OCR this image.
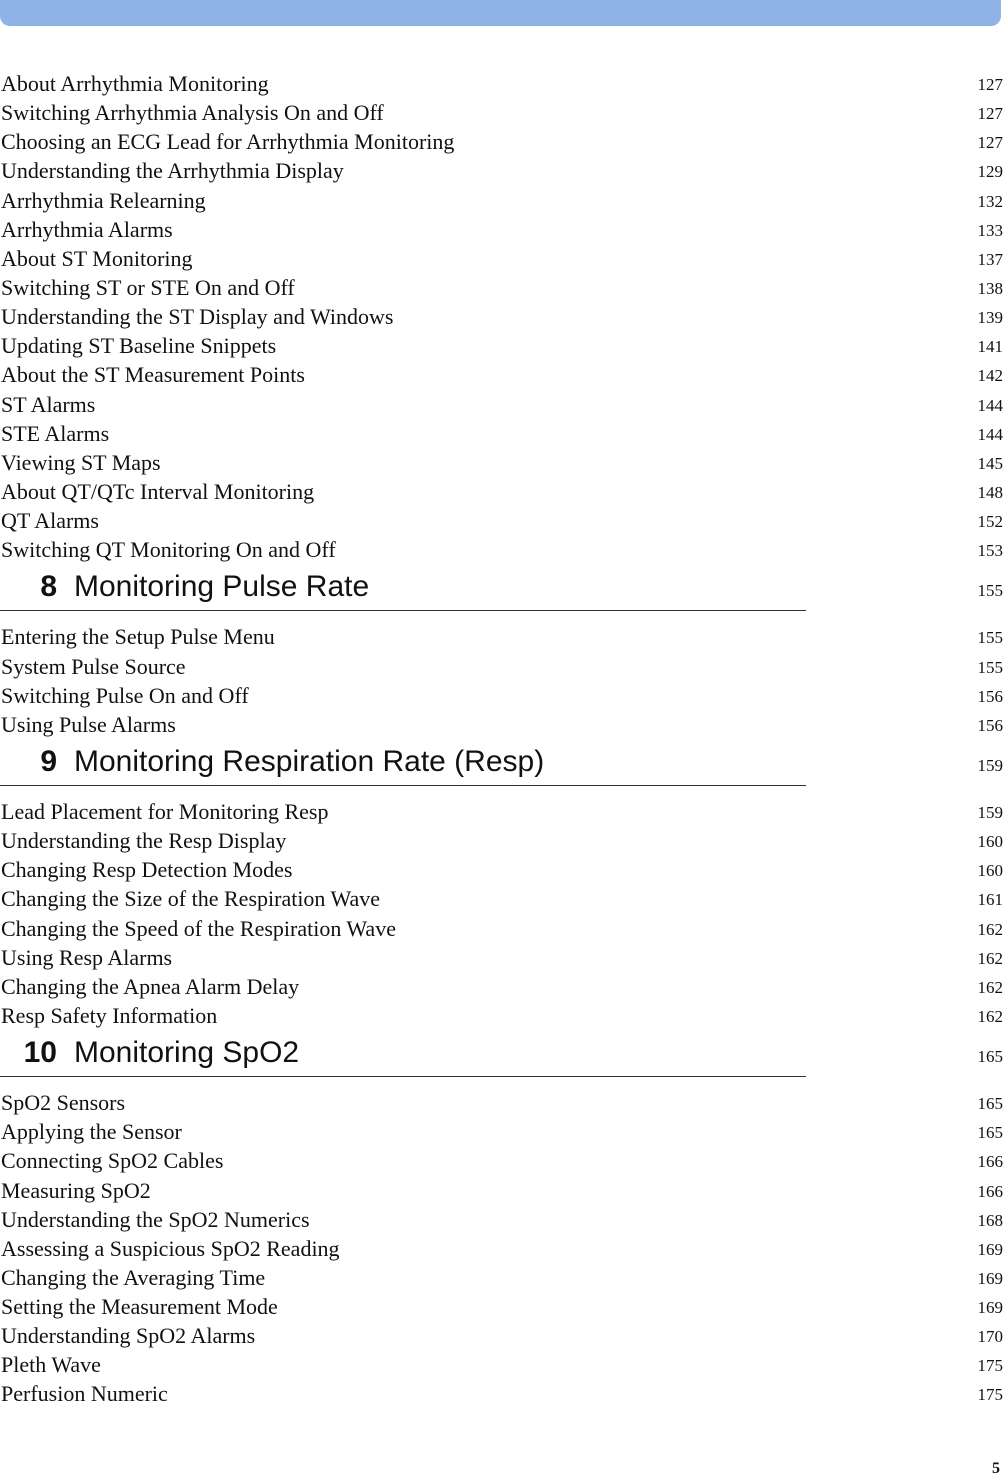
About Arrhythmia Monitoring	127
Switching Arrhythmia Analysis On and Off	127
Choosing an ECG Lead for Arrhythmia Monitoring	127
Understanding the Arrhythmia Display	129
Arrhythmia Relearning	132
Arrhythmia Alarms	133
About ST Monitoring	137
Switching ST or STE On and Off	138
Understanding the ST Display and Windows	139
Updating ST Baseline Snippets	141
About the ST Measurement Points	142
ST Alarms	144
STE Alarms	144
Viewing ST Maps	145
About QT/QTc Interval Monitoring	148
QT Alarms	152
Switching QT Monitoring On and Off	153
8 Monitoring Pulse Rate	155
Entering the Setup Pulse Menu	155
System Pulse Source	155
Switching Pulse On and Off	156
Using Pulse Alarms	156
9 Monitoring Respiration Rate (Resp)	159
Lead Placement for Monitoring Resp	159
Understanding the Resp Display	160
Changing Resp Detection Modes	160
Changing the Size of the Respiration Wave	161
Changing the Speed of the Respiration Wave	162
Using Resp Alarms	162
Changing the Apnea Alarm Delay	162
Resp Safety Information	162
10 Monitoring SpO2	165
SpO2 Sensors	165
Applying the Sensor	165
Connecting SpO2 Cables	166
Measuring SpO2	166
Understanding the SpO2 Numerics	168
Assessing a Suspicious SpO2 Reading	169
Changing the Averaging Time	169
Setting the Measurement Mode	169
Understanding SpO2 Alarms	170
Pleth Wave	175
Perfusion Numeric	175
5
